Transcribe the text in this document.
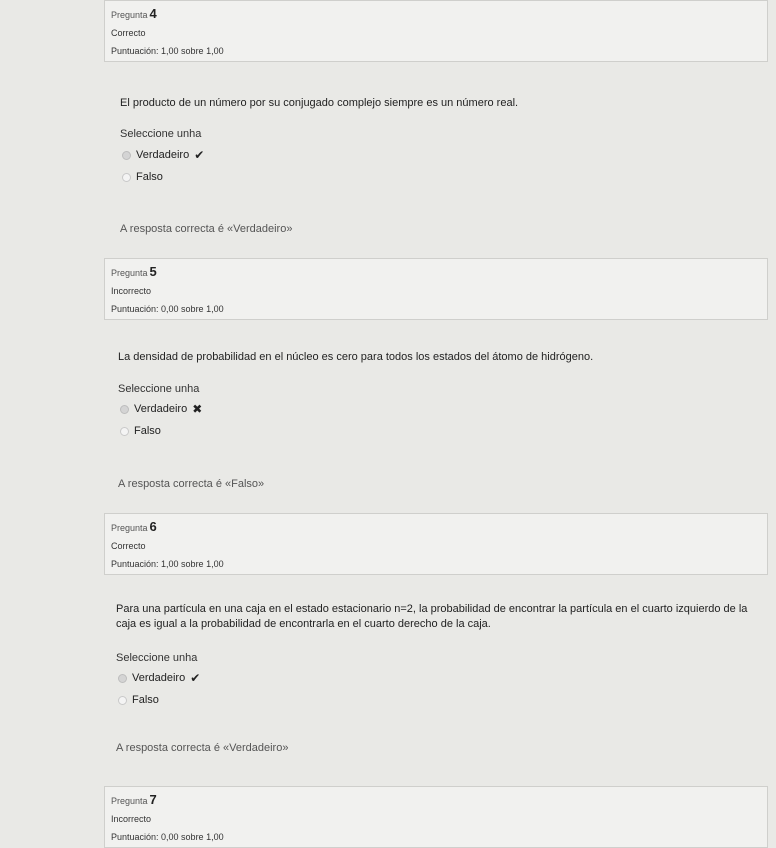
Pregunta 4
Correcto
Puntuación: 1,00 sobre 1,00
El producto de un número por su conjugado complejo siempre es un número real.
Seleccione unha
Verdadeiro ✔
Falso
A resposta correcta é «Verdadeiro»
Pregunta 5
Incorrecto
Puntuación: 0,00 sobre 1,00
La densidad de probabilidad en el núcleo es cero para todos los estados del átomo de hidrógeno.
Seleccione unha
Verdadeiro ✖
Falso
A resposta correcta é «Falso»
Pregunta 6
Correcto
Puntuación: 1,00 sobre 1,00
Para una partícula en una caja en el estado estacionario n=2, la probabilidad de encontrar la partícula en el cuarto izquierdo de la caja es igual a la probabilidad de encontrarla en el cuarto derecho de la caja.
Seleccione unha
Verdadeiro ✔
Falso
A resposta correcta é «Verdadeiro»
Pregunta 7
Incorrecto
Puntuación: 0,00 sobre 1,00
